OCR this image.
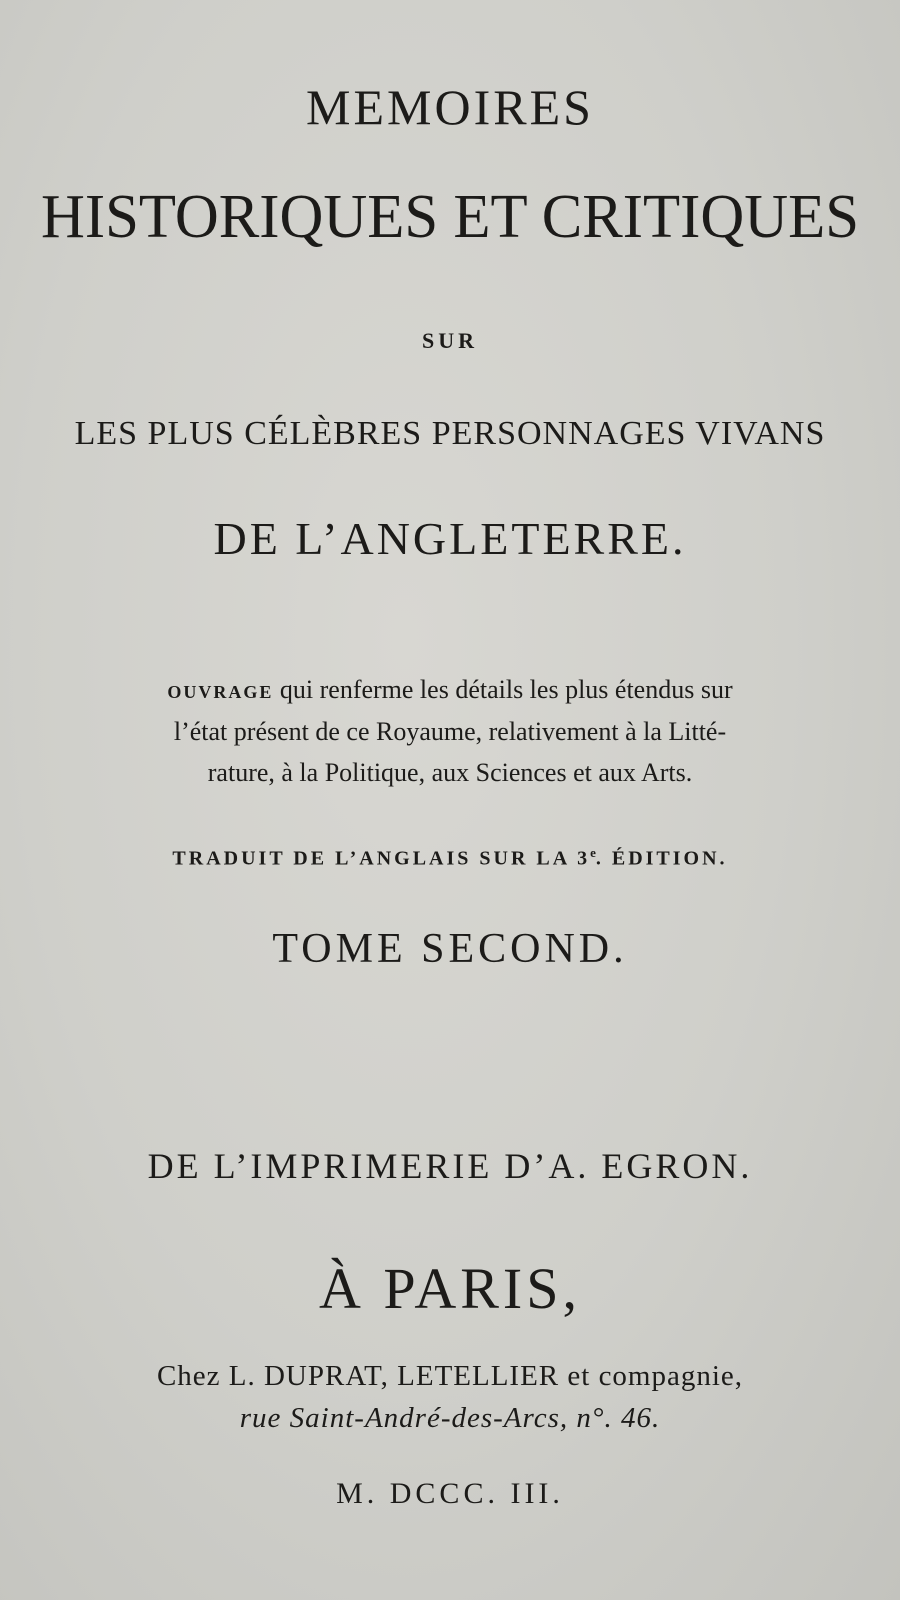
MEMOIRES
HISTORIQUES ET CRITIQUES
SUR
LES PLUS CÉLÈBRES PERSONNAGES VIVANS
DE L’ANGLETERRE.
OUVRAGE qui renferme les détails les plus étendus sur
l’état présent de ce Royaume, relativement à la Litté-
rature, à la Politique, aux Sciences et aux Arts.
TRADUIT DE L’ANGLAIS SUR LA 3e. ÉDITION.
TOME SECOND.
DE L’IMPRIMERIE D’A. EGRON.
À PARIS,
Chez L. DUPRAT, LETELLIER et compagnie,
rue Saint-André-des-Arcs, n°. 46.
M. DCCC. III.
